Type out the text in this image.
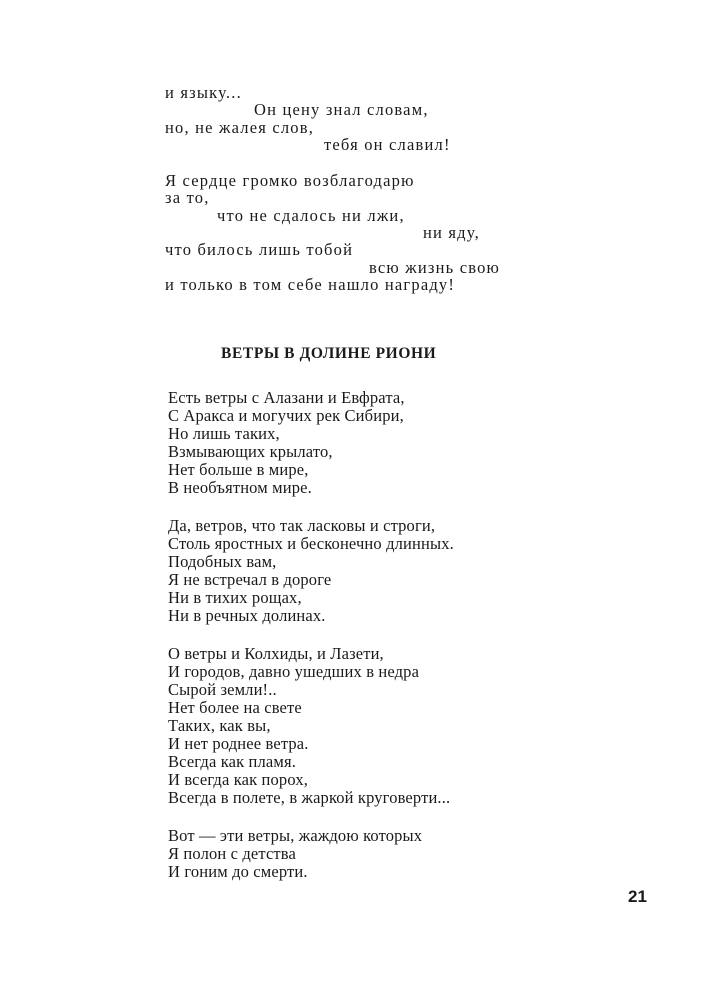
и языку...
Он цену знал словам,
но, не жалея слов,
тебя он славил!
Я сердце громко возблагодарю
за то,
что не сдалось ни лжи,
ни яду,
что билось лишь тобой
всю жизнь свою
и только в том себе нашло награду!
ВЕТРЫ В ДОЛИНЕ РИОНИ
Есть ветры с Алазани и Евфрата,
С Аракса и могучих рек Сибири,
Но лишь таких,
Взмывающих крылато,
Нет больше в мире,
В необъятном мире.
Да, ветров, что так ласковы и строги,
Столь яростных и бесконечно длинных.
Подобных вам,
Я не встречал в дороге
Ни в тихих рощах,
Ни в речных долинах.
О ветры и Колхиды, и Лазети,
И городов, давно ушедших в недра
Сырой земли!..
Нет более на свете
Таких, как вы,
И нет роднее ветра.
Всегда как пламя.
И всегда как порох,
Всегда в полете, в жаркой круговерти...
Вот — эти ветры, жаждою которых
Я полон с детства
И гоним до смерти.
21
